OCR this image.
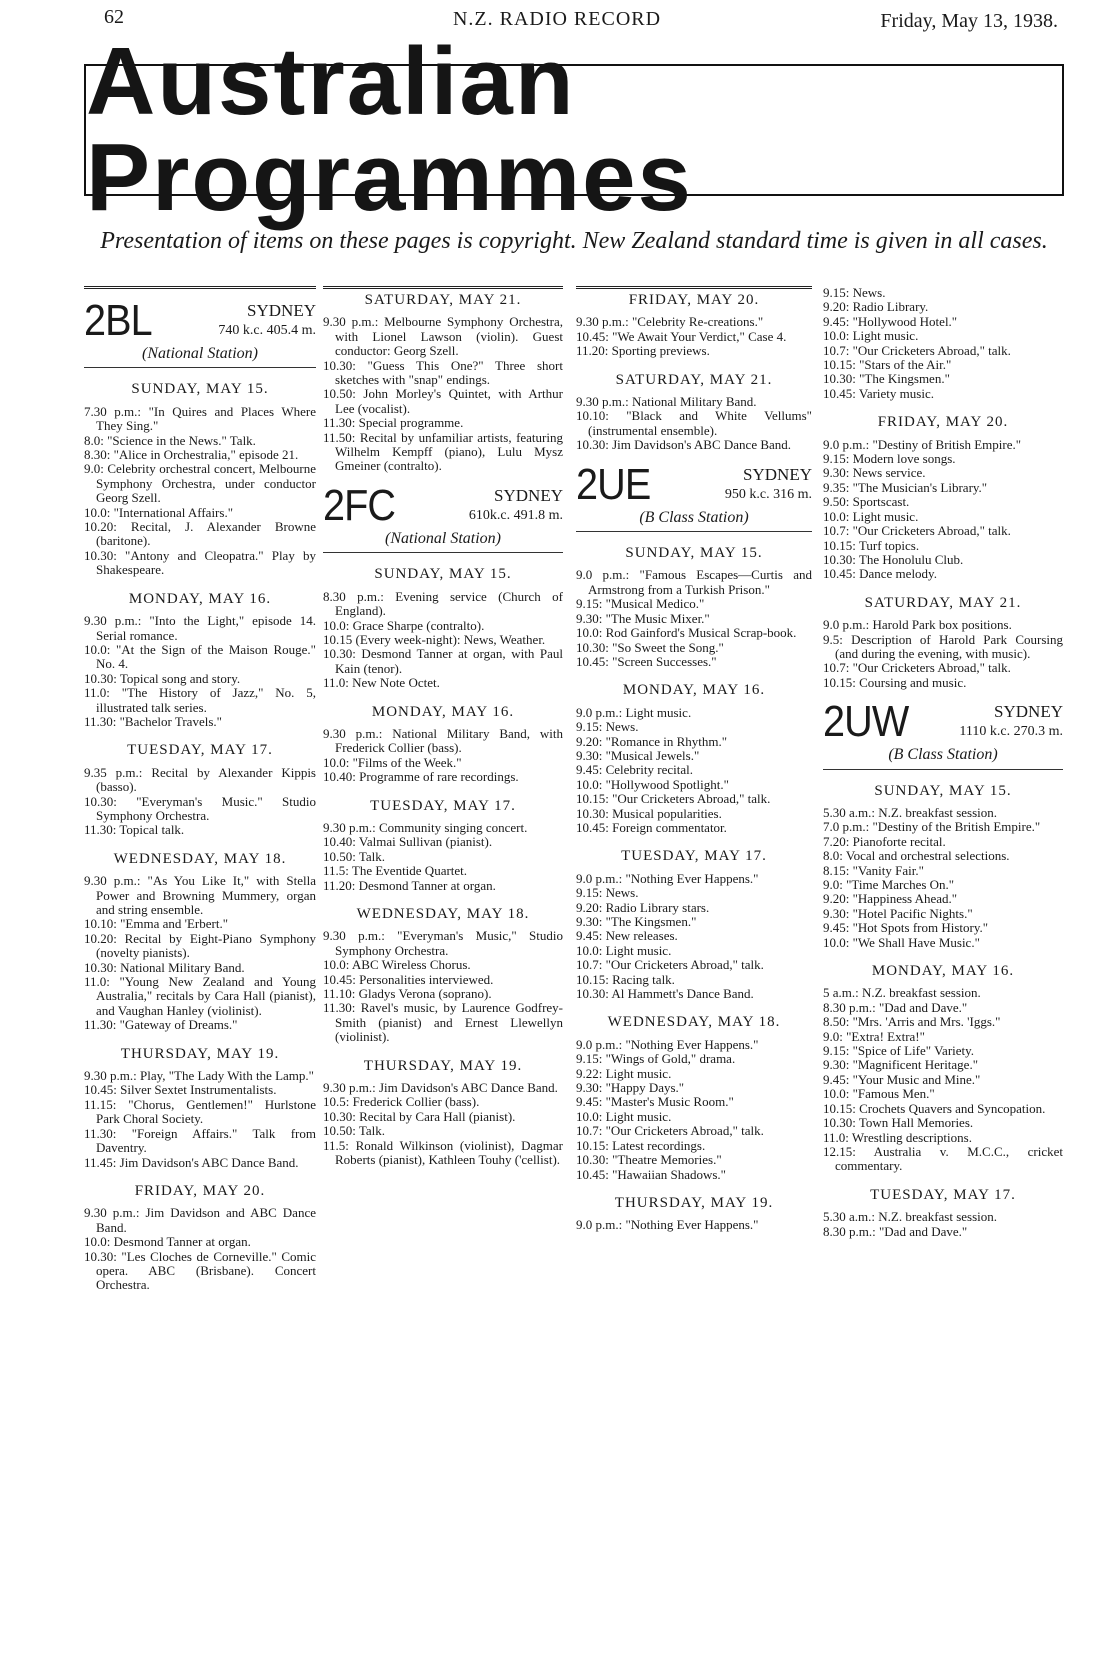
62	N.Z. RADIO RECORD	Friday, May 13, 1938.
Australian Programmes
Presentation of items on these pages is copyright. New Zealand standard time is given in all cases.
2BL	SYDNEY
740 k.c. 405.4 m.
(National Station)
SUNDAY, MAY 15.

7.30 p.m.: "In Quires and Places Where They Sing."

8.0: "Science in the News." Talk.

8.30: "Alice in Orchestralia," episode 21.

9.0: Celebrity orchestral concert, Melbourne Symphony Orchestra, under conductor Georg Szell.

10.0: "International Affairs."

10.20: Recital, J. Alexander Browne (baritone).

10.30: "Antony and Cleopatra." Play by Shakespeare.

MONDAY, MAY 16.

9.30 p.m.: "Into the Light," episode 14. Serial romance.

10.0: "At the Sign of the Maison Rouge." No. 4.

10.30: Topical song and story.

11.0: "The History of Jazz," No. 5, illustrated talk series.

11.30: "Bachelor Travels."

TUESDAY, MAY 17.

9.35 p.m.: Recital by Alexander Kippis (basso).

10.30: "Everyman's Music." Studio Symphony Orchestra.

11.30: Topical talk.

WEDNESDAY, MAY 18.

9.30 p.m.: "As You Like It," with Stella Power and Browning Mummery, organ and string ensemble.

10.10: "Emma and 'Erbert."

10.20: Recital by Eight-Piano Symphony (novelty pianists).

10.30: National Military Band.

11.0: "Young New Zealand and Young Australia," recitals by Cara Hall (pianist), and Vaughan Hanley (violinist).

11.30: "Gateway of Dreams."

THURSDAY, MAY 19.

9.30 p.m.: Play, "The Lady With the Lamp."

10.45: Silver Sextet Instrumentalists.

11.15: "Chorus, Gentlemen!" Hurlstone Park Choral Society.

11.30: "Foreign Affairs." Talk from Daventry.

11.45: Jim Davidson's ABC Dance Band.

FRIDAY, MAY 20.

9.30 p.m.: Jim Davidson and ABC Dance Band.

10.0: Desmond Tanner at organ.

10.30: "Les Cloches de Corneville." Comic opera. ABC (Brisbane). Concert Orchestra.

SATURDAY, MAY 21.

9.30 p.m.: Melbourne Symphony Orchestra, with Lionel Lawson (violin). Guest conductor: Georg Szell.

10.30: "Guess This One?" Three short sketches with "snap" endings.

10.50: John Morley's Quintet, with Arthur Lee (vocalist).

11.30: Special programme.

11.50: Recital by unfamiliar artists, featuring Wilhelm Kempff (piano), Lulu Mysz Gmeiner (contralto).

2FC	SYDNEY
610k.c. 491.8 m.
(National Station)
SUNDAY, MAY 15.

8.30 p.m.: Evening service (Church of England).

10.0: Grace Sharpe (contralto).

10.15 (Every week-night): News, Weather.

10.30: Desmond Tanner at organ, with Paul Kain (tenor).

11.0: New Note Octet.

MONDAY, MAY 16.

9.30 p.m.: National Military Band, with Frederick Collier (bass).

10.0: "Films of the Week."

10.40: Programme of rare recordings.

TUESDAY, MAY 17.

9.30 p.m.: Community singing concert.

10.40: Valmai Sullivan (pianist).

10.50: Talk.

11.5: The Eventide Quartet.

11.20: Desmond Tanner at organ.

WEDNESDAY, MAY 18.

9.30 p.m.: "Everyman's Music," Studio Symphony Orchestra.

10.0: ABC Wireless Chorus.

10.45: Personalities interviewed.

11.10: Gladys Verona (soprano).

11.30: Ravel's music, by Laurence Godfrey-Smith (pianist) and Ernest Llewellyn (violinist).

THURSDAY, MAY 19.

9.30 p.m.: Jim Davidson's ABC Dance Band.

10.5: Frederick Collier (bass).

10.30: Recital by Cara Hall (pianist).

10.50: Talk.

11.5: Ronald Wilkinson (violinist), Dagmar Roberts (pianist), Kathleen Touhy ('cellist).

FRIDAY, MAY 20.

9.30 p.m.: "Celebrity Re-creations."

10.45: "We Await Your Verdict," Case 4.

11.20: Sporting previews.

SATURDAY, MAY 21.

9.30 p.m.: National Military Band.

10.10: "Black and White Vellums" (instrumental ensemble).

10.30: Jim Davidson's ABC Dance Band.

2UE	SYDNEY
950 k.c. 316 m.
(B Class Station)
SUNDAY, MAY 15.

9.0 p.m.: "Famous Escapes—Curtis and Armstrong from a Turkish Prison."

9.15: "Musical Medico."

9.30: "The Music Mixer."

10.0: Rod Gainford's Musical Scrap-book.

10.30: "So Sweet the Song."

10.45: "Screen Successes."

MONDAY, MAY 16.

9.0 p.m.: Light music.

9.15: News.

9.20: "Romance in Rhythm."

9.30: "Musical Jewels."

9.45: Celebrity recital.

10.0: "Hollywood Spotlight."

10.15: "Our Cricketers Abroad," talk.

10.30: Musical popularities.

10.45: Foreign commentator.

TUESDAY, MAY 17.

9.0 p.m.: "Nothing Ever Happens."

9.15: News.

9.20: Radio Library stars.

9.30: "The Kingsmen."

9.45: New releases.

10.0: Light music.

10.7: "Our Cricketers Abroad," talk.

10.15: Racing talk.

10.30: Al Hammett's Dance Band.

WEDNESDAY, MAY 18.

9.0 p.m.: "Nothing Ever Happens."

9.15: "Wings of Gold," drama.

9.22: Light music.

9.30: "Happy Days."

9.45: "Master's Music Room."

10.0: Light music.

10.7: "Our Cricketers Abroad," talk.

10.15: Latest recordings.

10.30: "Theatre Memories."

10.45: "Hawaiian Shadows."

THURSDAY, MAY 19.

9.0 p.m.: "Nothing Ever Happens."

9.15: News.

9.20: Radio Library.

9.45: "Hollywood Hotel."

10.0: Light music.

10.7: "Our Cricketers Abroad," talk.

10.15: "Stars of the Air."

10.30: "The Kingsmen."

10.45: Variety music.

FRIDAY, MAY 20.

9.0 p.m.: "Destiny of British Empire."

9.15: Modern love songs.

9.30: News service.

9.35: "The Musician's Library."

9.50: Sportscast.

10.0: Light music.

10.7: "Our Cricketers Abroad," talk.

10.15: Turf topics.

10.30: The Honolulu Club.

10.45: Dance melody.

SATURDAY, MAY 21.

9.0 p.m.: Harold Park box positions.

9.5: Description of Harold Park Coursing (and during the evening, with music).

10.7: "Our Cricketers Abroad," talk.

10.15: Coursing and music.

2UW	SYDNEY
1110 k.c. 270.3 m.
(B Class Station)
SUNDAY, MAY 15.

5.30 a.m.: N.Z. breakfast session.

7.0 p.m.: "Destiny of the British Empire."

7.20: Pianoforte recital.

8.0: Vocal and orchestral selections.

8.15: "Vanity Fair."

9.0: "Time Marches On."

9.20: "Happiness Ahead."

9.30: "Hotel Pacific Nights."

9.45: "Hot Spots from History."

10.0: "We Shall Have Music."

MONDAY, MAY 16.

5 a.m.: N.Z. breakfast session.

8.30 p.m.: "Dad and Dave."

8.50: "Mrs. 'Arris and Mrs. 'Iggs."

9.0: "Extra! Extra!"

9.15: "Spice of Life" Variety.

9.30: "Magnificent Heritage."

9.45: "Your Music and Mine."

10.0: "Famous Men."

10.15: Crochets Quavers and Syncopation.

10.30: Town Hall Memories.

11.0: Wrestling descriptions.

12.15: Australia v. M.C.C., cricket commentary.

TUESDAY, MAY 17.

5.30 a.m.: N.Z. breakfast session.

8.30 p.m.: "Dad and Dave."
